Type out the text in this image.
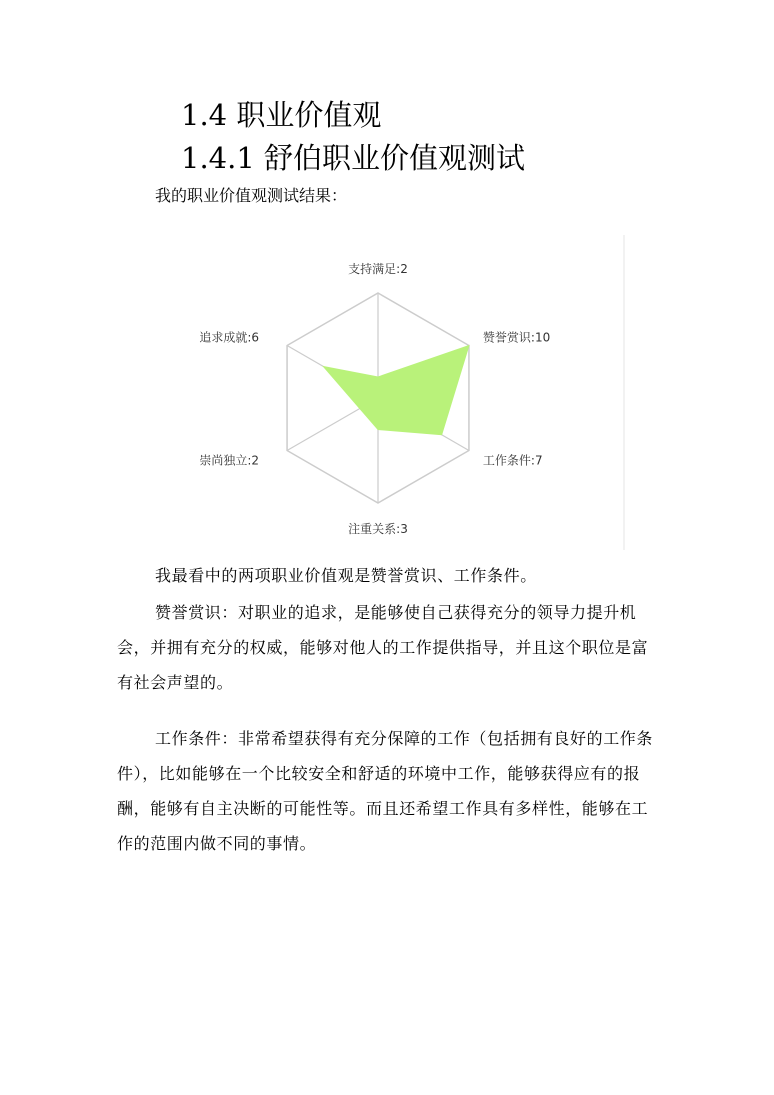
1.4 职业价值观
1.4.1 舒伯职业价值观测试
我的职业价值观测试结果：
支持满足:2
赞誉赏识:10
工作条件:7
注重关系:3
崇尚独立:2
追求成就:6

我最看中的两项职业价值观是赞誉赏识、工作条件。

赞誉赏识：对职业的追求，是能够使自己获得充分的领导力提升机会，并拥有充分的权威，能够对他人的工作提供指导，并且这个职位是富有社会声望的。

工作条件：非常希望获得有充分保障的工作（包括拥有良好的工作条件），比如能够在一个比较安全和舒适的环境中工作，能够获得应有的报酬，能够有自主决断的可能性等。而且还希望工作具有多样性，能够在工作的范围内做不同的事情。
